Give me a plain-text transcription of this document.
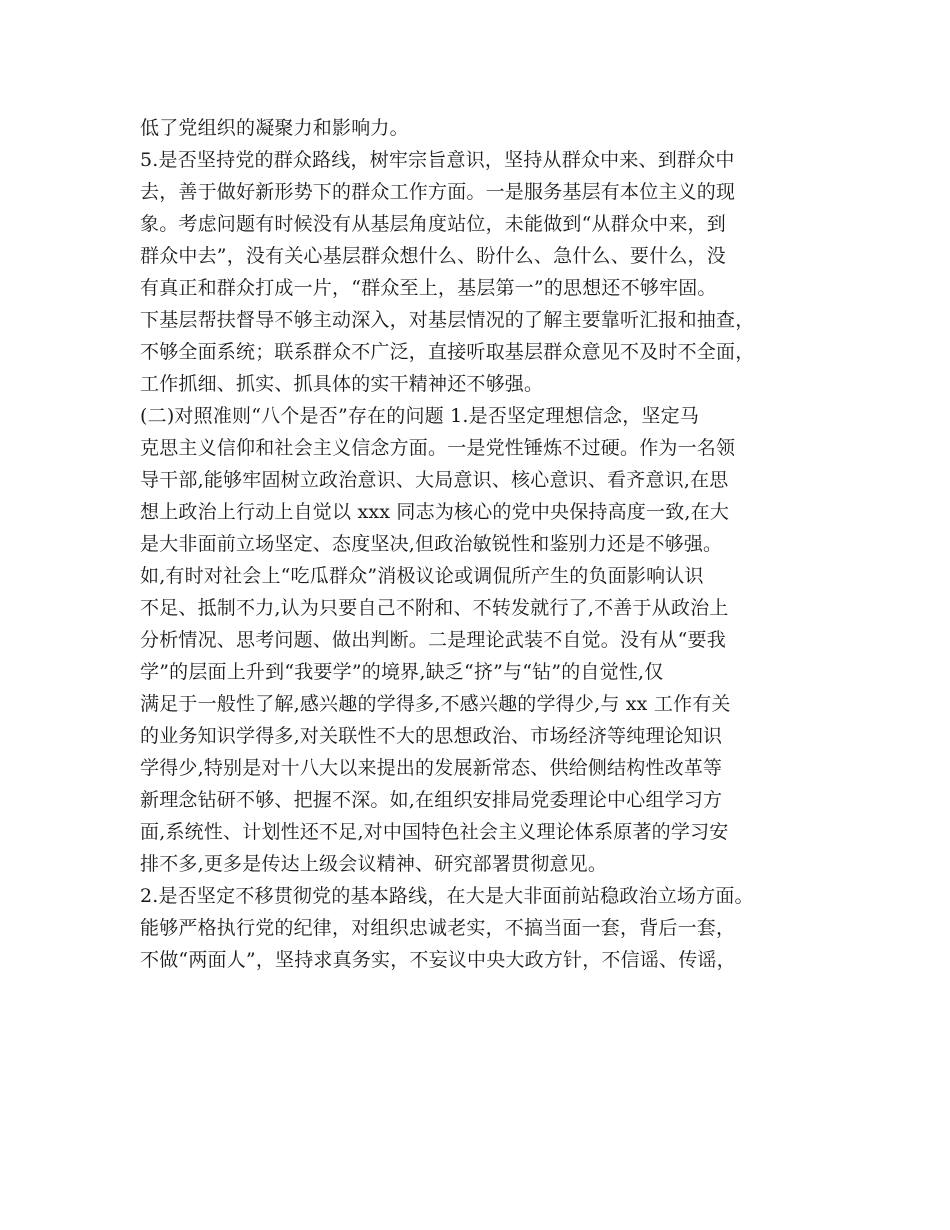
低了党组织的凝聚力和影响力。
5.是否坚持党的群众路线，树牢宗旨意识，坚持从群众中来、到群众中
去，善于做好新形势下的群众工作方面。一是服务基层有本位主义的现
象。考虑问题有时候没有从基层角度站位，未能做到“从群众中来，到
群众中去”，没有关心基层群众想什么、盼什么、急什么、要什么，没
有真正和群众打成一片，“群众至上，基层第一”的思想还不够牢固。
下基层帮扶督导不够主动深入，对基层情况的了解主要靠听汇报和抽查，
不够全面系统；联系群众不广泛，直接听取基层群众意见不及时不全面，
工作抓细、抓实、抓具体的实干精神还不够强。
(二)对照准则“八个是否”存在的问题 1.是否坚定理想信念，坚定马
克思主义信仰和社会主义信念方面。一是党性锤炼不过硬。作为一名领
导干部,能够牢固树立政治意识、大局意识、核心意识、看齐意识,在思
想上政治上行动上自觉以 xxx 同志为核心的党中央保持高度一致,在大
是大非面前立场坚定、态度坚决,但政治敏锐性和鉴别力还是不够强。
如,有时对社会上“吃瓜群众”消极议论或调侃所产生的负面影响认识
不足、抵制不力,认为只要自己不附和、不转发就行了,不善于从政治上
分析情况、思考问题、做出判断。二是理论武装不自觉。没有从“要我
学”的层面上升到“我要学”的境界,缺乏“挤”与“钻”的自觉性,仅
满足于一般性了解,感兴趣的学得多,不感兴趣的学得少,与 xx 工作有关
的业务知识学得多,对关联性不大的思想政治、市场经济等纯理论知识
学得少,特别是对十八大以来提出的发展新常态、供给侧结构性改革等
新理念钻研不够、把握不深。如,在组织安排局党委理论中心组学习方
面,系统性、计划性还不足,对中国特色社会主义理论体系原著的学习安
排不多,更多是传达上级会议精神、研究部署贯彻意见。
2.是否坚定不移贯彻党的基本路线，在大是大非面前站稳政治立场方面。
能够严格执行党的纪律，对组织忠诚老实，不搞当面一套，背后一套，
不做“两面人”，坚持求真务实，不妄议中央大政方针，不信谣、传谣，
